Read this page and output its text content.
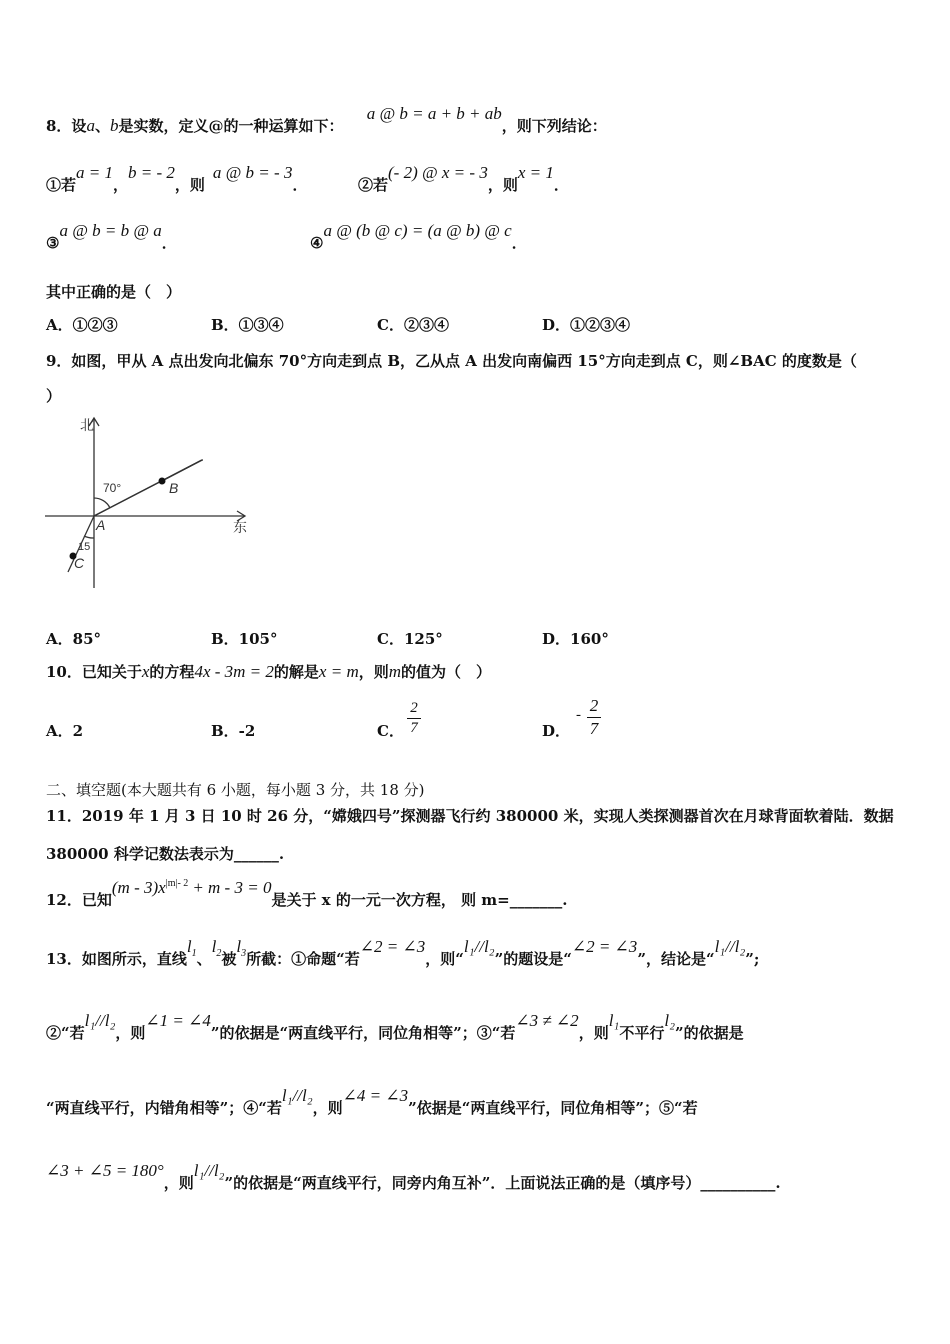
8．设a、b是实数，定义@的一种运算如下： a @ b = a + b + ab，则下列结论：
①若a = 1，b = - 2，则a @ b = - 3．	②若(- 2) @ x = - 3，则x = 1．
③a @ b = b @ a．	④a @ (b @ c) = (a @ b) @ c．
其中正确的是（　）
A．①②③	B．①③④	C．②③④	D．①②③④
9．如图，甲从 A 点出发向北偏东 70°方向走到点 B，乙从点 A 出发向南偏西 15°方向走到点 C，则∠BAC 的度数是（
）
北
东
70°
15
A
B
C
A．85°	B．105°	C．125°	D．160°
10．已知关于x的方程4x - 3m = 2的解是x = m，则m的值为（　）
A．2	B．-2	C．
2
7	D．
- 2
7
二、填空题(本大题共有 6 小题，每小题 3 分，共 18 分)
11．2019 年 1 月 3 日 10 时 26 分，“嫦娥四号”探测器飞行约 380000 米，实现人类探测器首次在月球背面软着陆．数据
380000 科学记数法表示为______.
12．已知$(m - 3)x^{|m|- 2} + m - 3 = 0$是关于 x 的一元一次方程， 则 m=_______.
13．如图所示，直线$l_1$、$l_2$被$l_3$所截：①命题“若∠2 = ∠3，则“l₁//l₂”的题设是“∠2 = ∠3”，结论是“l₁//l₂”;
②“若l₁//l₂，则∠1 = ∠4”的依据是“两直线平行，同位角相等”；③“若∠3 ≠ ∠2，则l₁不平行l₂”的依据是
“两直线平行，内错角相等”；④“若l₁//l₂，则∠4 = ∠3”依据是“两直线平行，同位角相等”；⑤“若
∠3 + ∠5 = 180°，则l₁//l₂”的依据是“两直线平行，同旁内角互补”．上面说法正确的是（填序号）__________.
